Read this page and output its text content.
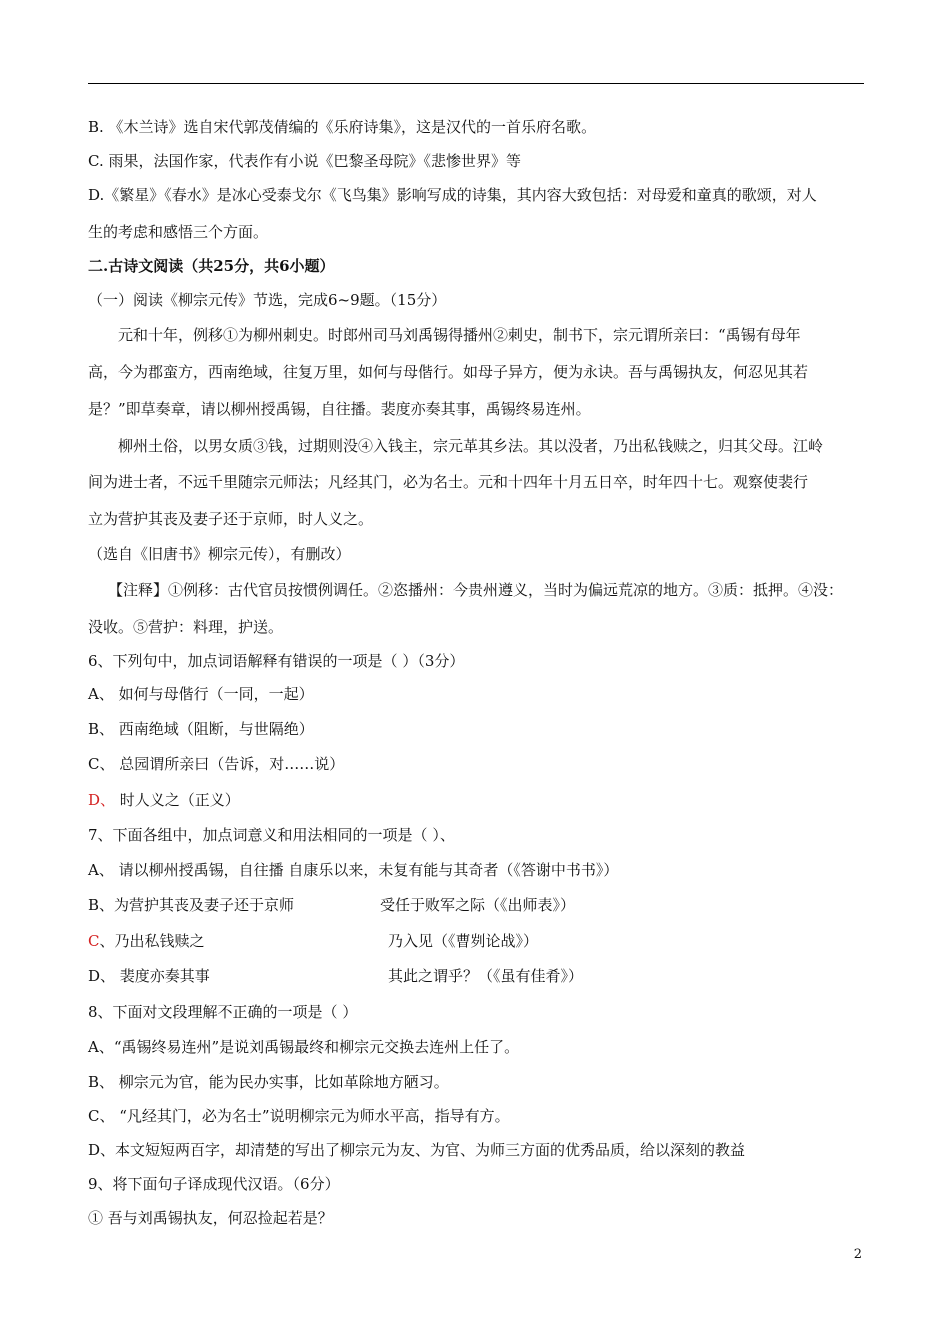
B. 《木兰诗》选自宋代郭茂倩编的《乐府诗集》，这是汉代的一首乐府名歌。
C. 雨果，法国作家，代表作有小说《巴黎圣母院》《悲惨世界》等
D.《繁星》《春水》是冰心受泰戈尔《飞鸟集》影响写成的诗集，其内容大致包括：对母爱和童真的歌颂，对人
生的考虑和感悟三个方面。
二.古诗文阅读（共25分，共6小题）
（一）阅读《柳宗元传》节选，完成6~9题。（15分）
元和十年，例移①为柳州刺史。时郎州司马刘禹锡得播州②刺史，制书下，宗元谓所亲曰：“禹锡有母年
高，今为郡蛮方，西南绝域，往复万里，如何与母偕行。如母子异方，便为永诀。吾与禹锡执友，何忍见其若
是？”即草奏章，请以柳州授禹锡，自往播。裴度亦奏其事，禹锡终易连州。
柳州土俗，以男女质③钱，过期则没④入钱主，宗元革其乡法。其以没者，乃出私钱赎之，归其父母。江岭
间为进士者，不远千里随宗元师法；凡经其门，必为名士。元和十四年十月五日卒，时年四十七。观察使裴行
立为营护其丧及妻子还于京师，时人义之。
（选自《旧唐书》柳宗元传），有删改）
【注释】①例移：古代官员按惯例调任。②恣播州：今贵州遵义，当时为偏远荒凉的地方。③质：抵押。④没：
没收。⑤营护：料理，护送。
6、下列句中，加点词语解释有错误的一项是（ ）（3分）
A、 如何与母偕行（一同，一起）
B、 西南绝域（阻断，与世隔绝）
C、 总园谓所亲曰（告诉，对……说）
D、 时人义之（正义）
7、下面各组中，加点词意义和用法相同的一项是（ ）、
A、 请以柳州授禹锡，自往播 自康乐以来，未复有能与其奇者（《答谢中书书》）
B、为营护其丧及妻子还于京师	受任于败军之际（《出师表》）
C、乃出私钱赎之	乃入见（《曹刿论战》）
D、 裴度亦奏其事	其此之谓乎？（《虽有佳肴》）
8、下面对文段理解不正确的一项是（ ）
A、“禹锡终易连州”是说刘禹锡最终和柳宗元交换去连州上任了。
B、 柳宗元为官，能为民办实事，比如革除地方陋习。
C、 “凡经其门，必为名士”说明柳宗元为师水平高，指导有方。
D、本文短短两百字，却清楚的写出了柳宗元为友、为官、为师三方面的优秀品质，给以深刻的教益
9、将下面句子译成现代汉语。（6分）
① 吾与刘禹锡执友，何忍捡起若是？
2
